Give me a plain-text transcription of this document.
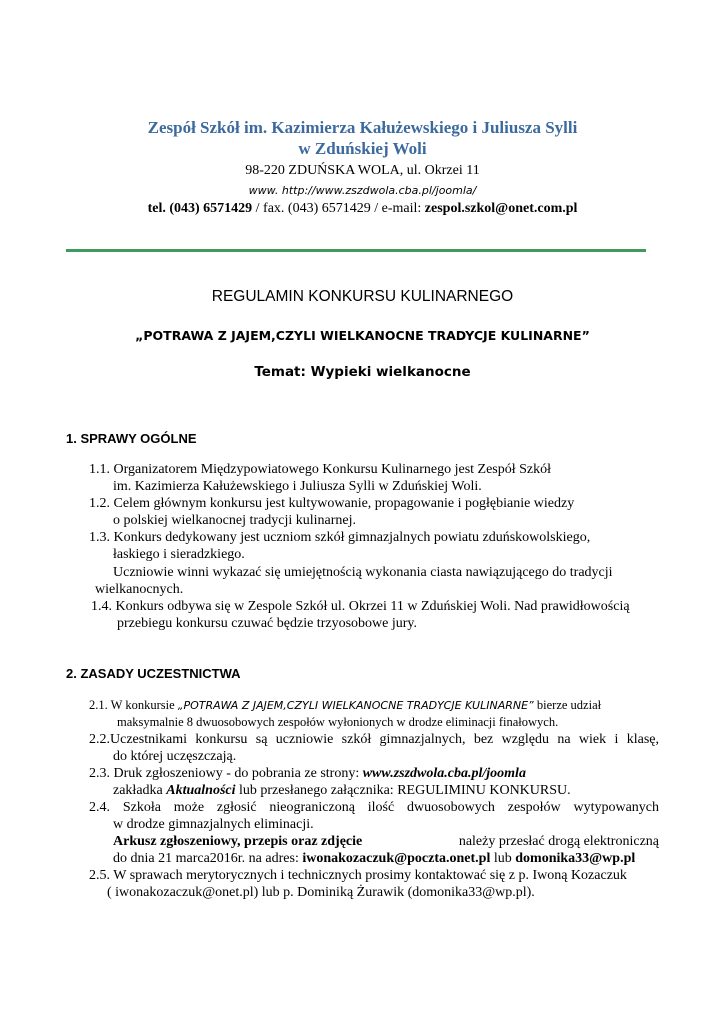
Zespół Szkół im. Kazimierza Kałużewskiego i Juliusza Sylli
w Zduńskiej Woli
98-220 ZDUŃSKA WOLA, ul. Okrzei 11
www. http://www.zszdwola.cba.pl/joomla/
tel. (043) 6571429 / fax. (043) 6571429 / e-mail: zespol.szkol@onet.com.pl
REGULAMIN KONKURSU KULINARNEGO
„POTRAWA Z JAJEM,CZYLI WIELKANOCNE TRADYCJE KULINARNE”
Temat: Wypieki wielkanocne
1. SPRAWY OGÓLNE
1.1. Organizatorem Międzypowiatowego Konkursu Kulinarnego jest Zespół Szkół
im. Kazimierza Kałużewskiego i Juliusza Sylli w Zduńskiej Woli.
1.2. Celem głównym konkursu jest kultywowanie, propagowanie i pogłębianie wiedzy
o polskiej wielkanocnej tradycji kulinarnej.
1.3. Konkurs dedykowany jest uczniom szkół gimnazjalnych powiatu zduńskowolskiego,
łaskiego i sieradzkiego.
Uczniowie winni wykazać się umiejętnością wykonania ciasta nawiązującego do tradycji
wielkanocnych.
1.4. Konkurs odbywa się w Zespole Szkół ul. Okrzei 11 w Zduńskiej Woli. Nad prawidłowością
przebiegu konkursu czuwać będzie trzyosobowe jury.
2. ZASADY UCZESTNICTWA
2.1. W konkursie „POTRAWA Z JAJEM,CZYLI WIELKANOCNE TRADYCJE KULINARNE” bierze udział
maksymalnie 8 dwuosobowych zespołów wyłonionych w drodze eliminacji finałowych.
2.2.Uczestnikami konkursu są uczniowie szkół gimnazjalnych, bez względu na wiek i klasę,
do której uczęszczają.
2.3. Druk zgłoszeniowy - do pobrania ze strony: www.zszdwola.cba.pl/joomla
zakładka Aktualności lub przesłanego załącznika: REGULIMINU KONKURSU.
2.4. Szkoła może zgłosić nieograniczoną ilość dwuosobowych zespołów wytypowanych
w drodze gimnazjalnych eliminacji.
Arkusz zgłoszeniowy, przepis oraz zdjęcie	należy przesłać drogą elektroniczną
do dnia 21 marca2016r. na adres: iwonakozaczuk@poczta.onet.pl lub domonika33@wp.pl
2.5. W sprawach merytorycznych i technicznych prosimy kontaktować się z p. Iwoną Kozaczuk
( iwonakozaczuk@onet.pl) lub p. Dominiką Żurawik (domonika33@wp.pl).
